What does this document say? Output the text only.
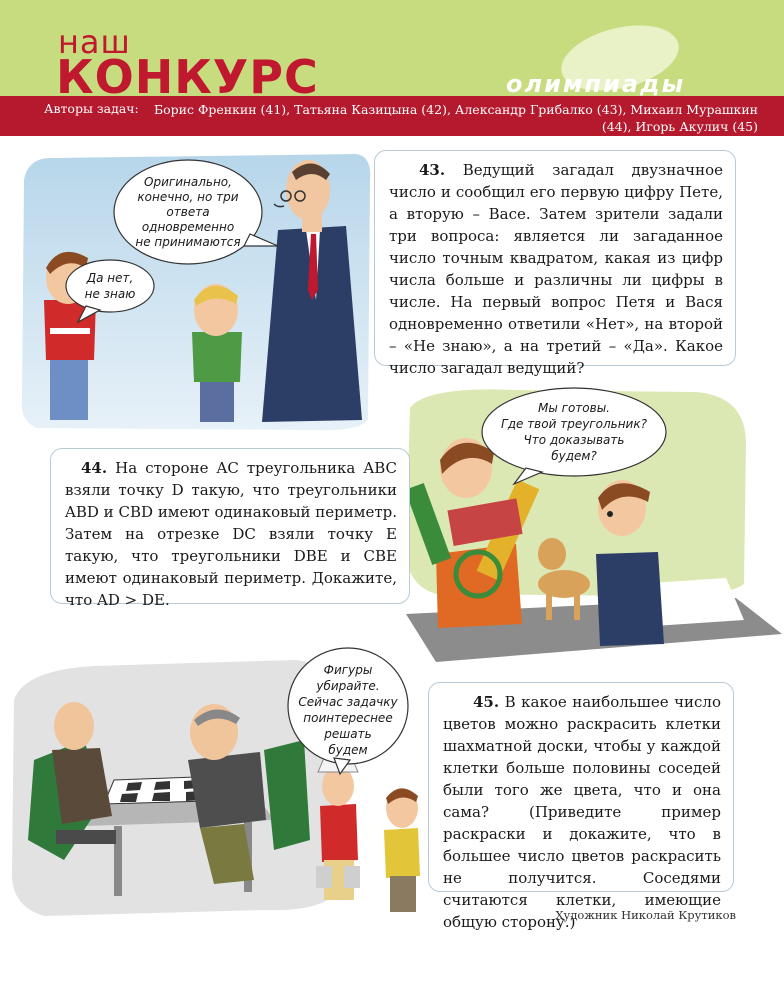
наш
КОНКУРС	олимпиады
Авторы задач:	Борис Френкин (41), Татьяна Казицына (42), Александр Грибалко (43), Михаил Мурашкин (44), Игорь Акулич (45)
Оригинально,
конечно, но три
ответа
одновременно
не принимаются
Да нет,
не знаю
43. Ведущий загадал двузначное число и сообщил его первую цифру Пете, а вторую – Васе. Затем зрители задали три вопроса: является ли загаданное число точным квадратом, какая из цифр числа больше и различны ли цифры в числе. На первый вопрос Петя и Вася одновременно ответили «Нет», на второй – «Не знаю», а на третий – «Да». Какое число загадал ведущий?
Мы готовы.
Где твой треугольник?
Что доказывать
будем?
44. На стороне AC треугольника ABC взяли точку D такую, что треугольники ABD и CBD имеют одинаковый периметр. Затем на отрезке DC взяли точку E такую, что треугольники DBE и CBE имеют одинаковый периметр. Докажите, что AD > DE.
Фигуры
убирайте.
Сейчас задачку
поинтереснее
решать
будем
45. В какое наибольшее число цветов можно раскрасить клетки шахматной доски, чтобы у каждой клетки больше половины соседей были того же цвета, что и она сама? (Приведите пример раскраски и докажите, что в большее число цветов раскрасить не получится. Соседями считаются клетки, имеющие общую сторону.)
Художник Николай Крутиков
